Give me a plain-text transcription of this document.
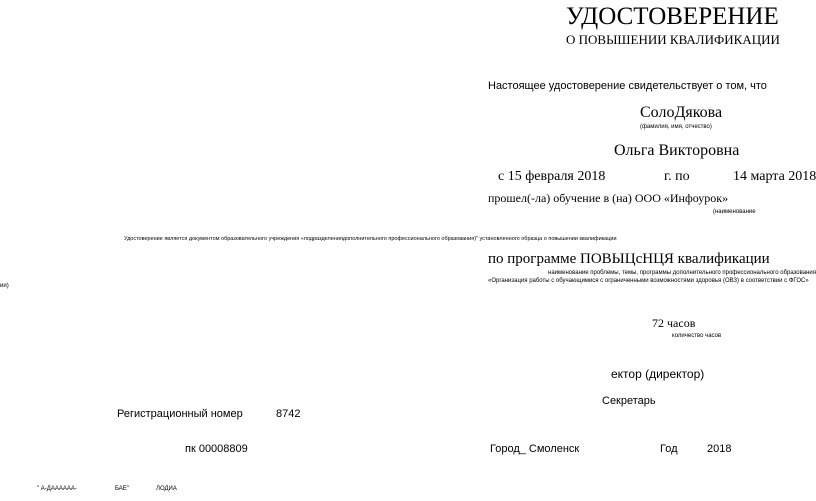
УДОСТОВЕРЕНИЕ
О ПОВЫШЕНИИ КВАЛИФИКАЦИИ
Настоящее удостоверение свидетельствует о том, что
СолоДякова
(фамилия, имя, отчество)
Ольга Викторовна
с 15 февраля 2018	г. по	14 марта 2018
прошел(-ла) обучение в (на) ООО «Инфоурок»
(наименование
Удостоверение является документом образовательного учреждения «подразделениядополнительного профессионального образования)" установленного образца о повышении квалификации
по программе ПОВЫЦсНЦЯ квалификации
наименование проблемы, темы, программы дополнительного профессионального образования
ии)
«Организация работы с обучающимися с ограниченными возможностями здоровья (ОВЗ) в соответствии с ФГОС»
72 часов
количество часов
ектор (директор)
Секретарь
Регистрационный номер	8742
пк 00008809	Город_ Смоленск	Год	2018
" А-ДАААААА-	БАЕ"	ЛОДИА
